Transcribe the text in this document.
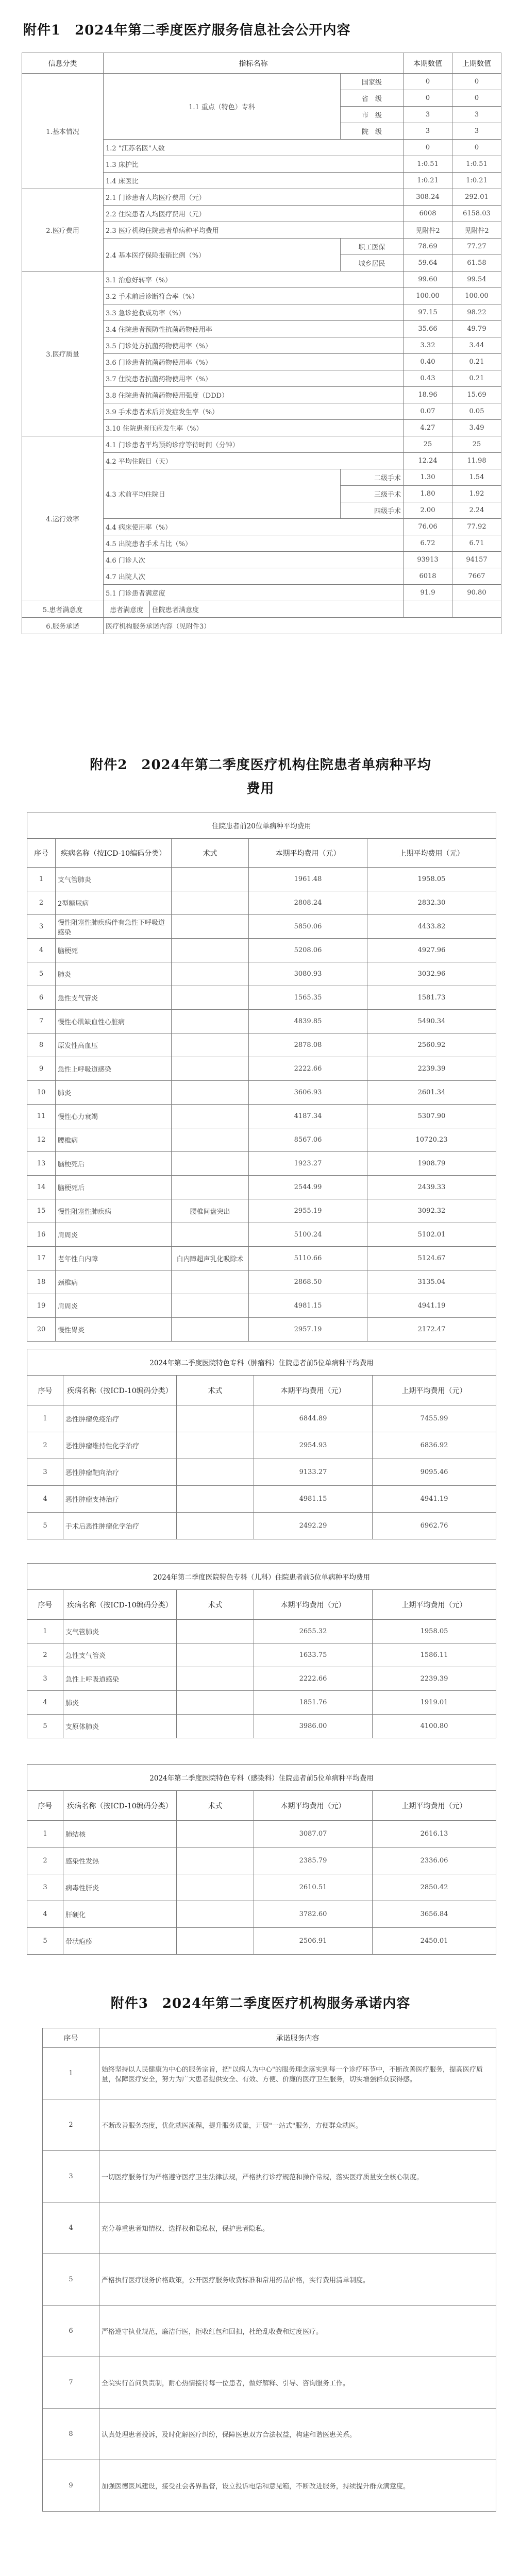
附件1　2024年第二季度医疗服务信息社会公开内容
信息分类	指标名称			本期数值	上期数值
1.基本情况	1.1 重点（特色）专科		国家级	0	0
			省　级	0	0
			市　级	3	3
			院　级	3	3
	1.2 "江苏名医"人数			0	0
	1.3 床护比			1:0.51	1:0.51
	1.4 床医比			1:0.21	1:0.21
2.医疗费用	2.1 门诊患者人均医疗费用（元）			308.24	292.01
	2.2 住院患者人均医疗费用（元）			6008	6158.03
	2.3 医疗机构住院患者单病种平均费用			见附件2	见附件2
	2.4 基本医疗保险报销比例（%）		职工医保	78.69	77.27
			城乡居民	59.64	61.58
3.医疗质量	3.1 治愈好转率（%）			99.60	99.54
	3.2 手术前后诊断符合率（%）			100.00	100.00
	3.3 急诊抢救成功率（%）			97.15	98.22
	3.4 住院患者预防性抗菌药物使用率			35.66	49.79
	3.5 门诊处方抗菌药物使用率（%）			3.32	3.44
	3.6 门诊患者抗菌药物使用率（%）			0.40	0.21
	3.7 住院患者抗菌药物使用率（%）			0.43	0.21
	3.8 住院患者抗菌药物使用强度（DDD）			18.96	15.69
	3.9 手术患者术后并发症发生率（%）			0.07	0.05
	3.10 住院患者压疮发生率（%）			4.27	3.49
4.运行效率	4.1 门诊患者平均预约诊疗等待时间（分钟）			25	25
	4.2 平均住院日（天）			12.24	11.98
	4.3 术前平均住院日		二级手术	1.30	1.54
			三级手术	1.80	1.92
			四级手术	2.00	2.24
	4.4 病床使用率（%）			76.06	77.92
	4.5 出院患者手术占比（%）			6.72	6.71
	4.6 门诊人次			93913	94157
	4.7 出院人次			6018	7667
	5.1 门诊患者满意度			91.9	90.80
5.患者满意度	患者满意度	住院患者满意度			
6.服务承诺	医疗机构服务承诺内容（见附件3）				
附件2　2024年第二季度医疗机构住院患者单病种平均
费用
住院患者前20位单病种平均费用				
序号	疾病名称（按ICD-10编码分类）	术式	本期平均费用（元）	上期平均费用（元）
1	支气管肺炎		1961.48	1958.05
2	2型糖尿病		2808.24	2832.30
3	慢性阻塞性肺疾病伴有急性下呼吸道感染		5850.06	4433.82
4	脑梗死		5208.06	4927.96
5	肺炎		3080.93	3032.96
6	急性支气管炎		1565.35	1581.73
7	慢性心肌缺血性心脏病		4839.85	5490.34
8	原发性高血压		2878.08	2560.92
9	急性上呼吸道感染		2222.66	2239.39
10	肺炎		3606.93	2601.34
11	慢性心力衰竭		4187.34	5307.90
12	腰椎病		8567.06	10720.23
13	脑梗死后		1923.27	1908.79
14	脑梗死后		2544.99	2439.33
15	慢性阻塞性肺疾病	腰椎间盘突出	2955.19	3092.32
16	肩周炎		5100.24	5102.01
17	老年性白内障	白内障超声乳化吸除术	5110.66	5124.67
18	颈椎病		2868.50	3135.04
19	肩周炎		4981.15	4941.19
20	慢性胃炎		2957.19	2172.47
2024年第二季度医院特色专科（肿瘤科）住院患者前5位单病种平均费用				
序号	疾病名称（按ICD-10编码分类）	术式	本期平均费用（元）	上期平均费用（元）
1	恶性肿瘤免疫治疗		6844.89	7455.99
2	恶性肿瘤维持性化学治疗		2954.93	6836.92
3	恶性肿瘤靶向治疗		9133.27	9095.46
4	恶性肿瘤支持治疗		4981.15	4941.19
5	手术后恶性肿瘤化学治疗		2492.29	6962.76
2024年第二季度医院特色专科（儿科）住院患者前5位单病种平均费用				
序号	疾病名称（按ICD-10编码分类）	术式	本期平均费用（元）	上期平均费用（元）
1	支气管肺炎		2655.32	1958.05
2	急性支气管炎		1633.75	1586.11
3	急性上呼吸道感染		2222.66	2239.39
4	肺炎		1851.76	1919.01
5	支原体肺炎		3986.00	4100.80
2024年第二季度医院特色专科（感染科）住院患者前5位单病种平均费用				
序号	疾病名称（按ICD-10编码分类）	术式	本期平均费用（元）	上期平均费用（元）
1	肺结核		3087.07	2616.13
2	感染性发热		2385.79	2336.06
3	病毒性肝炎		2610.51	2850.42
4	肝硬化		3782.60	3656.84
5	带状疱疹		2506.91	2450.01
附件3　2024年第二季度医疗机构服务承诺内容
序号	承诺服务内容
1	始终坚持以人民健康为中心的服务宗旨，把"以病人为中心"的服务理念落实到每一个诊疗环节中，不断改善医疗服务，提高医疗质量，保障医疗安全，努力为广大患者提供安全、有效、方便、价廉的医疗卫生服务，切实增强群众获得感。
2	不断改善服务态度，优化就医流程，提升服务质量，开展"一站式"服务，方便群众就医。
3	一切医疗服务行为严格遵守医疗卫生法律法规，严格执行诊疗规范和操作常规，落实医疗质量安全核心制度。
4	充分尊重患者知情权、选择权和隐私权，保护患者隐私。
5	严格执行医疗服务价格政策，公开医疗服务收费标准和常用药品价格，实行费用清单制度。
6	严格遵守执业规范，廉洁行医，拒收红包和回扣，杜绝乱收费和过度医疗。
7	全院实行首问负责制，耐心热情接待每一位患者，做好解释、引导、咨询服务工作。
8	认真处理患者投诉，及时化解医疗纠纷，保障医患双方合法权益，构建和谐医患关系。
9	加强医德医风建设，接受社会各界监督，设立投诉电话和意见箱，不断改进服务，持续提升群众满意度。
